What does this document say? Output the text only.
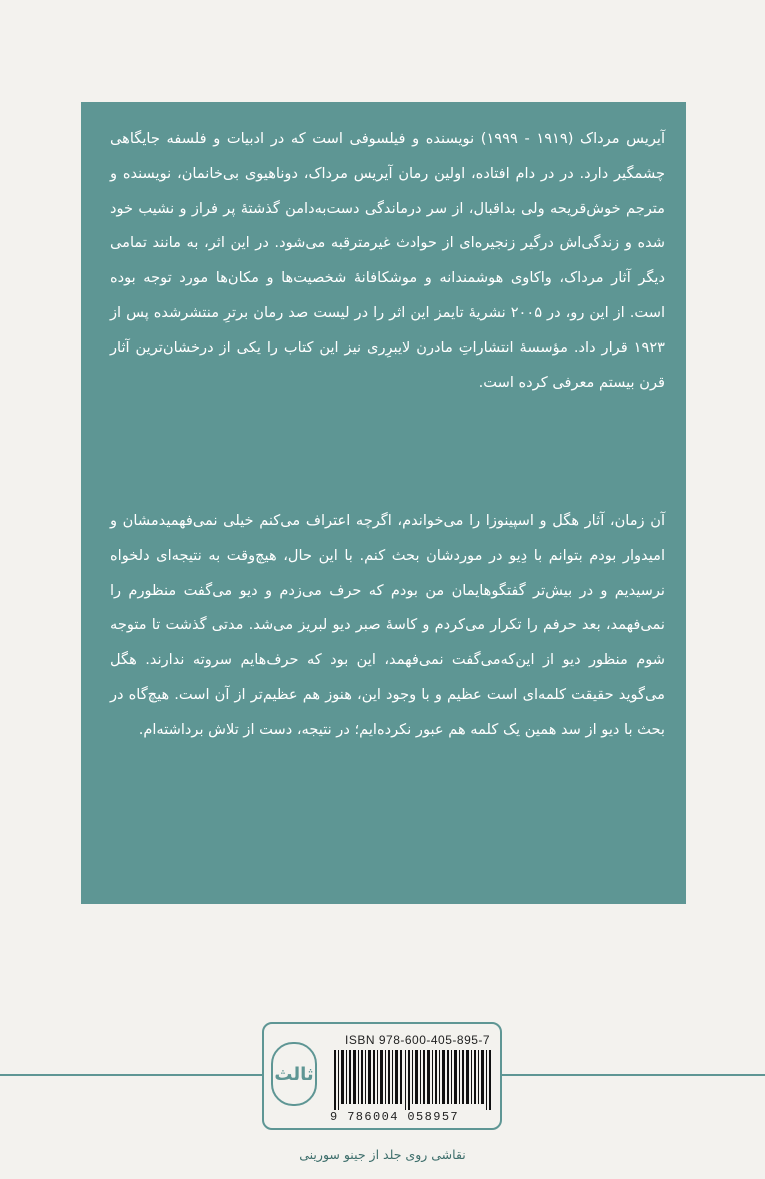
آیریس مرداک (۱۹۱۹ - ۱۹۹۹) نویسنده و فیلسوفی است که در ادبیات و فلسفه جایگاهی چشمگیر دارد. در در دام افتاده، اولین رمان آیریس مرداک، دوناهیوی بی‌خانمان، نویسنده و مترجم خوش‌قریحه ولی بداقبال، از سر درماندگی دست‌به‌دامن گذشتهٔ پر فراز و نشیب خود شده و زندگی‌اش درگیر زنجیره‌ای از حوادث غیرمترقبه می‌شود. در این اثر، به مانند تمامی دیگر آثار مرداک، واکاوی هوشمندانه و موشکافانهٔ شخصیت‌ها و مکان‌ها مورد توجه بوده است. از این رو، در ۲۰۰۵ نشریهٔ تایمز این اثر را در لیست صد رمان برترِ منتشرشده پس از ۱۹۲۳ قرار داد. مؤسسهٔ انتشاراتِ مادرن لایبرِری نیز این کتاب را یکی از درخشان‌ترین آثار قرن بیستم معرفی کرده است.

آن زمان، آثار هگل و اسپینوزا را می‌خواندم، اگرچه اعتراف می‌کنم خیلی نمی‌فهمیدمشان و امیدوار بودم بتوانم با دِیو در موردشان بحث کنم. با این حال، هیچ‌وقت به نتیجه‌ای دلخواه نرسیدیم و در بیش‌تر گفتگوهایمان من بودم که حرف می‌زدم و دیو می‌گفت منظورم را نمی‌فهمد، بعد حرفم را تکرار می‌کردم و کاسهٔ صبر دیو لبریز می‌شد. مدتی گذشت تا متوجه شوم منظور دیو از این‌که‌می‌گفت نمی‌فهمد، این بود که حرف‌هایم سروته ندارند. هگل می‌گوید حقیقت کلمه‌ای است عظیم و با وجود این، هنوز هم عظیم‌تر از آن است. هیچ‌گاه در بحث با دیو از سد همین یک کلمه هم عبور نکرده‌ایم؛ در نتیجه، دست از تلاش برداشته‌ام.

ثالث
ISBN 978-600-405-895-7
9 786004 058957
نقاشی روی جلد از جینو سورینی
